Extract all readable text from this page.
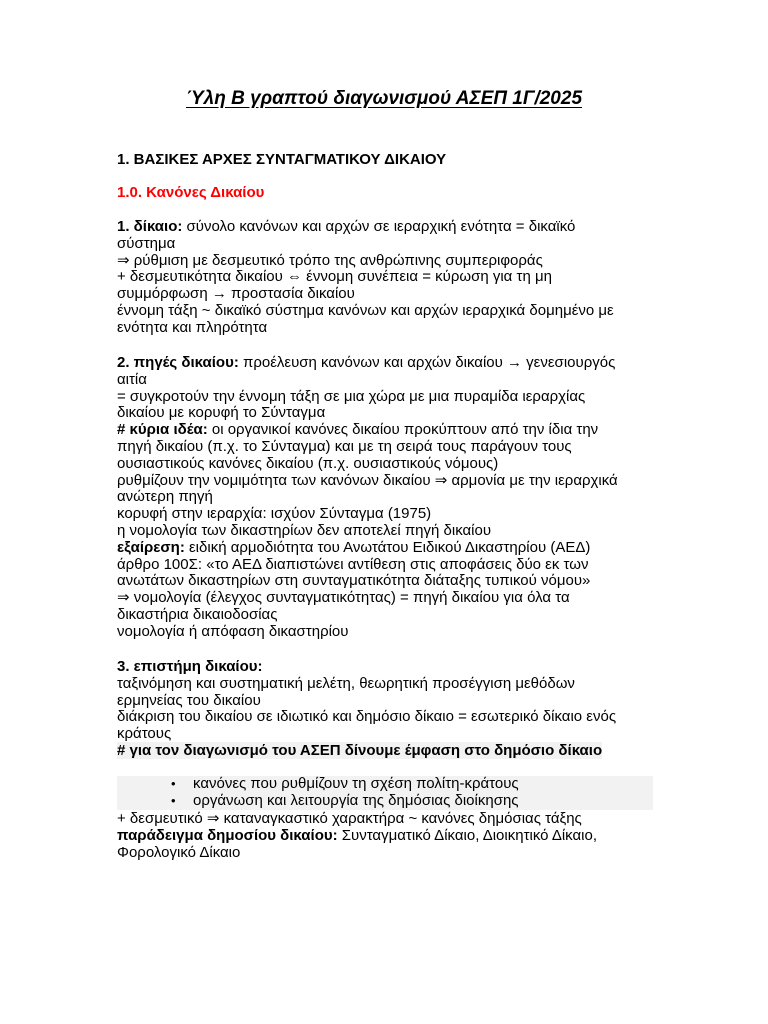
Ύλη Β γραπτού διαγωνισμού ΑΣΕΠ 1Γ/2025
1. ΒΑΣΙΚΕΣ ΑΡΧΕΣ ΣΥΝΤΑΓΜΑΤΙΚΟΥ ΔΙΚΑΙΟΥ
1.0. Κανόνες Δικαίου

1. δίκαιο: σύνολο κανόνων και αρχών σε ιεραρχική ενότητα = δικαϊκό

σύστημα

⇒ ρύθμιση με δεσμευτικό τρόπο της ανθρώπινης συμπεριφοράς

+ δεσμευτικότητα δικαίου ⇔ έννομη συνέπεια = κύρωση για τη μη

συμμόρφωση → προστασία δικαίου

έννομη τάξη ~ δικαϊκό σύστημα κανόνων και αρχών ιεραρχικά δομημένο με

ενότητα και πληρότητα

2. πηγές δικαίου: προέλευση κανόνων και αρχών δικαίου → γενεσιουργός

αιτία

= συγκροτούν την έννομη τάξη σε μια χώρα με μια πυραμίδα ιεραρχίας

δικαίου με κορυφή το Σύνταγμα

# κύρια ιδέα: οι οργανικοί κανόνες δικαίου προκύπτουν από την ίδια την

πηγή δικαίου (π.χ. το Σύνταγμα) και με τη σειρά τους παράγουν τους

ουσιαστικούς κανόνες δικαίου (π.χ. ουσιαστικούς νόμους)

ρυθμίζουν την νομιμότητα των κανόνων δικαίου ⇒ αρμονία με την ιεραρχικά

ανώτερη πηγή

κορυφή στην ιεραρχία: ισχύον Σύνταγμα (1975)

η νομολογία των δικαστηρίων δεν αποτελεί πηγή δικαίου

εξαίρεση: ειδική αρμοδιότητα του Ανωτάτου Ειδικού Δικαστηρίου (ΑΕΔ)

άρθρο 100Σ: «το ΑΕΔ διαπιστώνει αντίθεση στις αποφάσεις δύο εκ των

ανωτάτων δικαστηρίων στη συνταγματικότητα διάταξης τυπικού νόμου»

⇒ νομολογία (έλεγχος συνταγματικότητας) = πηγή δικαίου για όλα τα

δικαστήρια δικαιοδοσίας

νομολογία ή απόφαση δικαστηρίου

3. επιστήμη δικαίου:

ταξινόμηση και συστηματική μελέτη, θεωρητική προσέγγιση μεθόδων

ερμηνείας του δικαίου

διάκριση του δικαίου σε ιδιωτικό και δημόσιο δίκαιο = εσωτερικό δίκαιο ενός

κράτους

# για τον διαγωνισμό του ΑΣΕΠ δίνουμε έμφαση στο δημόσιο δίκαιο

• κανόνες που ρυθμίζουν τη σχέση πολίτη-κράτους
• οργάνωση και λειτουργία της δημόσιας διοίκησης

+ δεσμευτικό ⇒ καταναγκαστικό χαρακτήρα ~ κανόνες δημόσιας τάξης

παράδειγμα δημοσίου δικαίου: Συνταγματικό Δίκαιο, Διοικητικό Δίκαιο,

Φορολογικό Δίκαιο
